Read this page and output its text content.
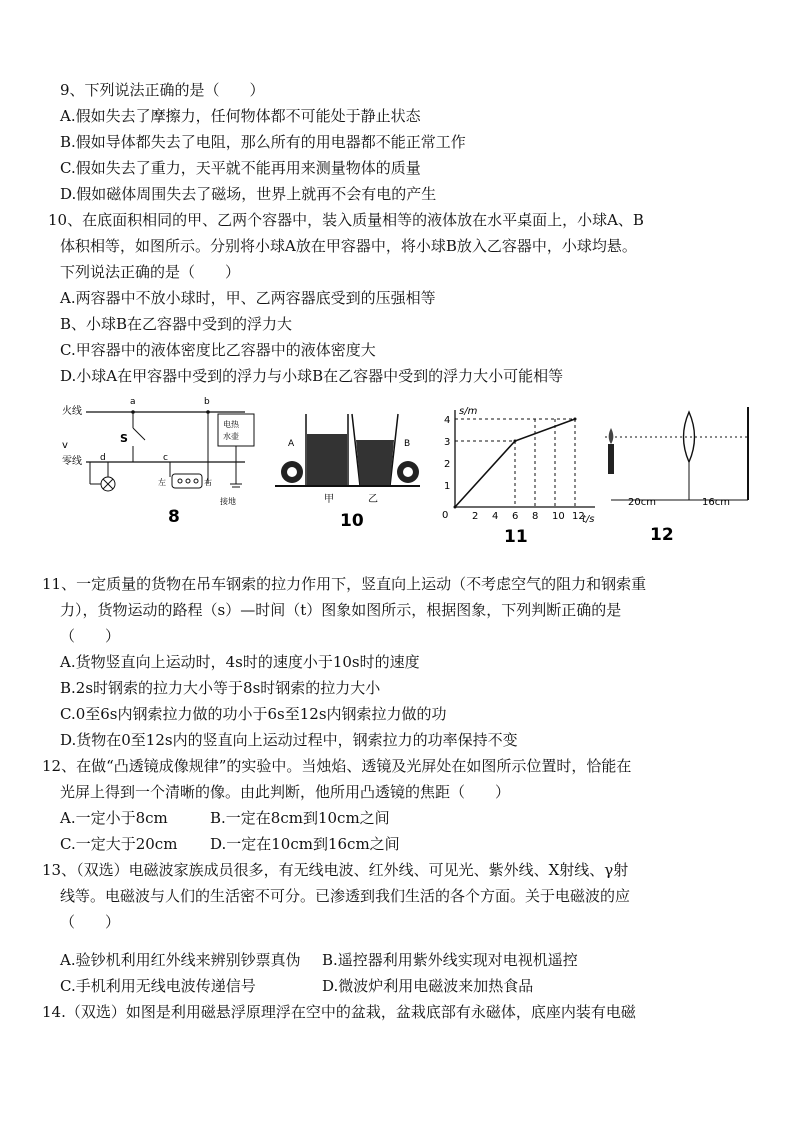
9、下列说法正确的是（　　）
A.假如失去了摩擦力，任何物体都不可能处于静止状态
B.假如导体都失去了电阻，那么所有的用电器都不能正常工作
C.假如失去了重力，天平就不能再用来测量物体的质量
D.假如磁体周围失去了磁场，世界上就再不会有电的产生
10、在底面积相同的甲、乙两个容器中，装入质量相等的液体放在水平桌面上，小球A、B
体积相等，如图所示。分别将小球A放在甲容器中，将小球B放入乙容器中，小球均悬。
下列说法正确的是（　　）
A.两容器中不放小球时，甲、乙两容器底受到的压强相等
B、小球B在乙容器中受到的浮力大
C.甲容器中的液体密度比乙容器中的液体密度大
D.小球A在甲容器中受到的浮力与小球B在乙容器中受到的浮力大小可能相等
火线
v
零线
a
S
b
电热
水壶
接地
d	c
左	右
8
A	B
甲	乙
10
s/m
t/s
0 2 4 6 8 10 12
1
2
3
4
11
20cm	16cm
12
11、一定质量的货物在吊车钢索的拉力作用下，竖直向上运动（不考虑空气的阻力和钢索重
力），货物运动的路程（s）—时间（t）图象如图所示，根据图象，下列判断正确的是
（　　）
A.货物竖直向上运动时，4s时的速度小于10s时的速度
B.2s时钢索的拉力大小等于8s时钢索的拉力大小
C.0至6s内钢索拉力做的功小于6s至12s内钢索拉力做的功
D.货物在0至12s内的竖直向上运动过程中，钢索拉力的功率保持不变
12、在做“凸透镜成像规律”的实验中。当烛焰、透镜及光屏处在如图所示位置时，恰能在
光屏上得到一个清晰的像。由此判断，他所用凸透镜的焦距（　　）
A.一定小于8cm	B.一定在8cm到10cm之间
C.一定大于20cm D.一定在10cm到16cm之间
13、（双选）电磁波家族成员很多，有无线电波、红外线、可见光、紫外线、X射线、γ射
线等。电磁波与人们的生活密不可分。已渗透到我们生活的各个方面。关于电磁波的应
（　　）
A.验钞机利用红外线来辨别钞票真伪 B.遥控器利用紫外线实现对电视机遥控
C.手机利用无线电波传递信号	D.微波炉利用电磁波来加热食品
14.（双选）如图是利用磁悬浮原理浮在空中的盆栽，盆栽底部有永磁体，底座内装有电磁
